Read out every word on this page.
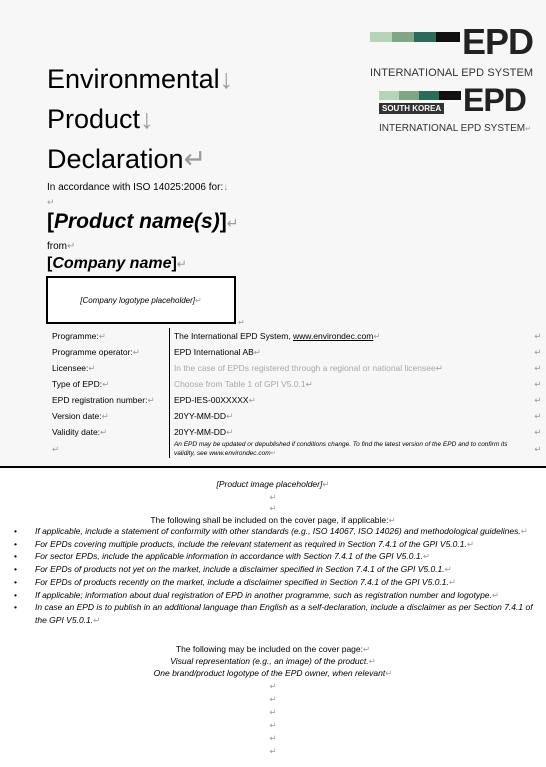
EPD
INTERNATIONAL EPD SYSTEM
SOUTH KOREA EPD
INTERNATIONAL EPD SYSTEM↵
Environmental↓
Product↓
Declaration↵
In accordance with ISO 14025:2006 for:↓
↵
[Product name(s)]↵
from↵
[Company name]↵
[Company logotype placeholder]↵
↵
Programme:↵	The International EPD System, www.environdec.com↵	↵
Programme operator:↵	EPD International AB↵	↵
Licensee:↵	In the case of EPDs registered through a regional or national licensee↵	↵
Type of EPD:↵	Choose from Table 1 of GPI V5.0.1↵	↵
EPD registration number:↵	EPD-IES-00XXXXX↵	↵
Version date:↵	20YY-MM-DD↵	↵
Validity date:↵	20YY-MM-DD↵	↵
↵	An EPD may be updated or depublished if conditions change. To find the latest version of the EPD and to confirm its validity, see www.environdec.com↵	↵
[Product image placeholder]↵
↵
↵
The following shall be included on the cover page, if applicable:↵
• If applicable, include a statement of conformity with other standards (e.g., ISO 14067, ISO 14026) and methodological guidelines.↵
• For EPDs covering multiple products, include the relevant statement as required in Section 7.4.1 of the GPI V5.0.1.↵
• For sector EPDs, include the applicable information in accordance with Section 7.4.1 of the GPI V5.0.1.↵
• For EPDs of products not yet on the market, include a disclaimer specified in Section 7.4.1 of the GPI V5.0.1.↵
• For EPDs of products recently on the market, include a disclaimer specified in Section 7.4.1 of the GPI V5.0.1.↵
• If applicable; information about dual registration of EPD in another programme, such as registration number and logotype.↵
• In case an EPD is to publish in an additional language than English as a self-declaration, include a disclaimer as per Section 7.4.1 of the GPI V5.0.1.↵
The following may be included on the cover page:↵
Visual representation (e.g., an image) of the product.↵
One brand/product logotype of the EPD owner, when relevant↵
↵
↵
↵
↵
↵
↵
